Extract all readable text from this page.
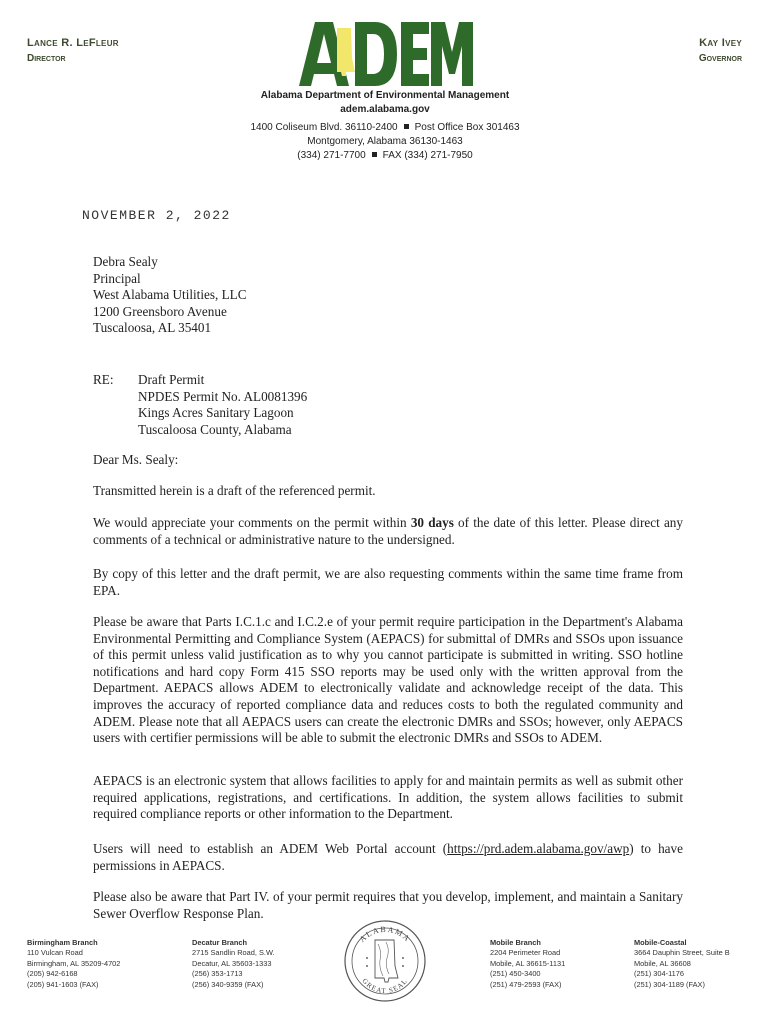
Lance R. LeFleur
Director
Kay Ivey
Governor
Alabama Department of Environmental Management
adem.alabama.gov
1400 Coliseum Blvd. 36110-2400 Post Office Box 301463
Montgomery, Alabama 36130-1463
(334) 271-7700 FAX (334) 271-7950
NOVEMBER 2, 2022
Debra Sealy
Principal
West Alabama Utilities, LLC
1200 Greensboro Avenue
Tuscaloosa, AL 35401
RE: Draft Permit
NPDES Permit No. AL0081396
Kings Acres Sanitary Lagoon
Tuscaloosa County, Alabama
Dear Ms. Sealy:

Transmitted herein is a draft of the referenced permit.

We would appreciate your comments on the permit within 30 days of the date of this letter. Please direct any comments of a technical or administrative nature to the undersigned.

By copy of this letter and the draft permit, we are also requesting comments within the same time frame from EPA.

Please be aware that Parts I.C.1.c and I.C.2.e of your permit require participation in the Department's Alabama Environmental Permitting and Compliance System (AEPACS) for submittal of DMRs and SSOs upon issuance of this permit unless valid justification as to why you cannot participate is submitted in writing. SSO hotline notifications and hard copy Form 415 SSO reports may be used only with the written approval from the Department. AEPACS allows ADEM to electronically validate and acknowledge receipt of the data. This improves the accuracy of reported compliance data and reduces costs to both the regulated community and ADEM. Please note that all AEPACS users can create the electronic DMRs and SSOs; however, only AEPACS users with certifier permissions will be able to submit the electronic DMRs and SSOs to ADEM.

AEPACS is an electronic system that allows facilities to apply for and maintain permits as well as submit other required applications, registrations, and certifications. In addition, the system allows facilities to submit required compliance reports or other information to the Department.

Users will need to establish an ADEM Web Portal account (https://prd.adem.alabama.gov/awp) to have permissions in AEPACS.

Please also be aware that Part IV. of your permit requires that you develop, implement, and maintain a Sanitary Sewer Overflow Response Plan.

Birmingham Branch
110 Vulcan Road
Birmingham, AL 35209-4702
(205) 942-6168
(205) 941-1603 (FAX)
Decatur Branch
2715 Sandlin Road, S.W.
Decatur, AL 35603-1333
(256) 353-1713
(256) 340-9359 (FAX)
ALABAMA
GREAT SEAL
Mobile Branch
2204 Perimeter Road
Mobile, AL 36615-1131
(251) 450-3400
(251) 479-2593 (FAX)
Mobile-Coastal
3664 Dauphin Street, Suite B
Mobile, AL 36608
(251) 304-1176
(251) 304-1189 (FAX)
